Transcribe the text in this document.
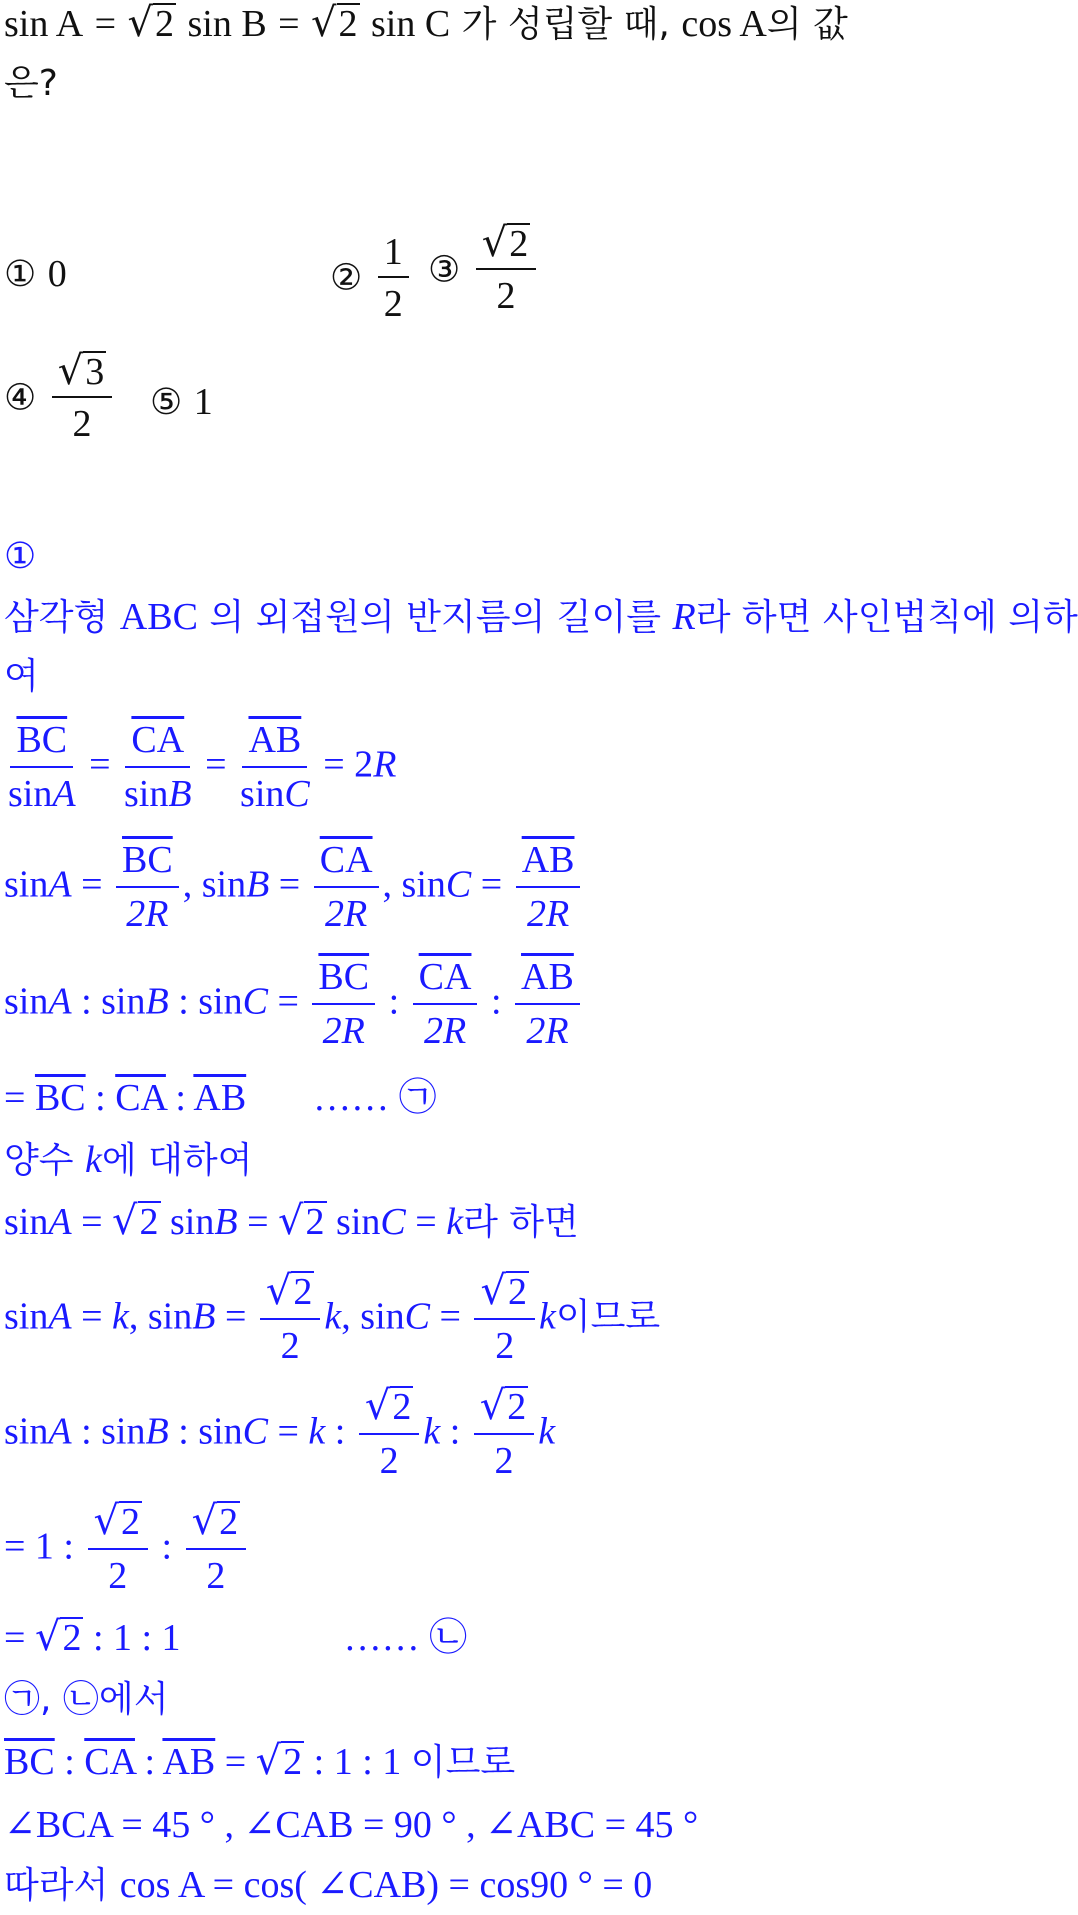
sin A = √ 2 sin B = √ 2 sin C 가 성립할 때, cos A의 값
은?
① 0	② $\frac{1}{2}$ ③ $\frac{√ 2}{2}$
④ $\frac{√ 3}{2}$ ⑤ 1
①
삼각형 ABC 의 외접원의 반지름의 길이를 R라 하면 사인법칙에 의하
여
$\frac{\overline{BC}}{\sin A} = \frac{\overline{CA}}{\sin B} = \frac{\overline{AB}}{\sin C} = 2R$
$\sin A = \frac{\overline{BC}}{2R}$ , $\sin B = \frac{\overline{CA}}{2R}$ , $\sin C = \frac{\overline{AB}}{2R}$
sinA : sinB : $\sin C = \frac{\overline{BC}}{2R}$ : $\frac{\overline{CA}}{2R}$ : $\frac{\overline{AB}}{2R}$
= $\overline{BC}$ : $\overline{CA}$ : $\overline{AB}$ …… ㉠
양수 k에 대하여
sinA = √ 2 sinB = √ 2 sinC = k라 하면
sinA = k, $\sin B = \frac{√ 2}{2} k$, $\sin C = \frac{√ 2}{2}$ k이므로
sinA : sinB : sinC = k : $\frac{√ 2}{2}$ k : $\frac{√ 2}{2}$ k
= 1 : $\frac{√ 2}{2}$ : $\frac{√ 2}{2}$
= √ 2 : 1 : 1	…… ㉡
㉠, ㉡에서
$\overline{BC}$ : $\overline{CA}$ : $\overline{AB}$ = √ 2 : 1 : 1 이므로
∠BCA = 45 ° , ∠CAB = 90 ° , ∠ABC = 45 °
따라서 cos A = cos( ∠CAB) = cos90 ° = 0
